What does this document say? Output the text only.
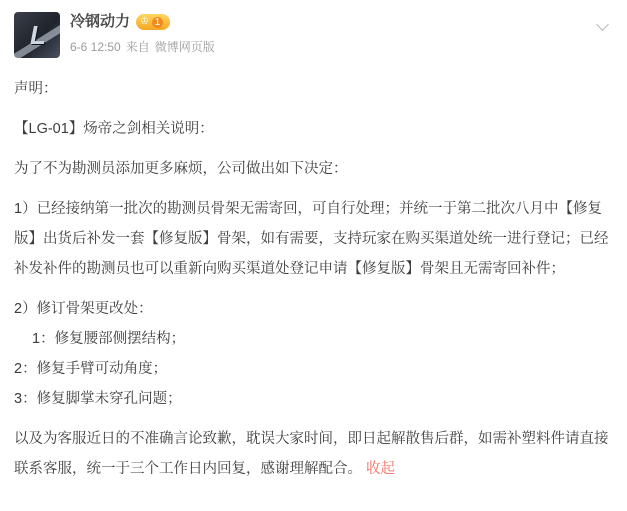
L	冷钢动力 ♔ 1
6-6 12:50 来自 微博网页版

声明：

【LG-01】炀帝之剑相关说明：

为了不为勘测员添加更多麻烦，公司做出如下决定：

1）已经接纳第一批次的勘测员骨架无需寄回，可自行处理；并统一于第二批次八月中【修复版】出货后补发一套【修复版】骨架，如有需要，支持玩家在购买渠道处统一进行登记；已经补发补件的勘测员也可以重新向购买渠道处登记申请【修复版】骨架且无需寄回补件；

2）修订骨架更改处：

1：修复腰部侧摆结构；

2：修复手臂可动角度；

3：修复脚掌未穿孔问题；

以及为客服近日的不准确言论致歉，耽误大家时间，即日起解散售后群，如需补塑料件请直接联系客服，统一于三个工作日内回复，感谢理解配合。 收起
